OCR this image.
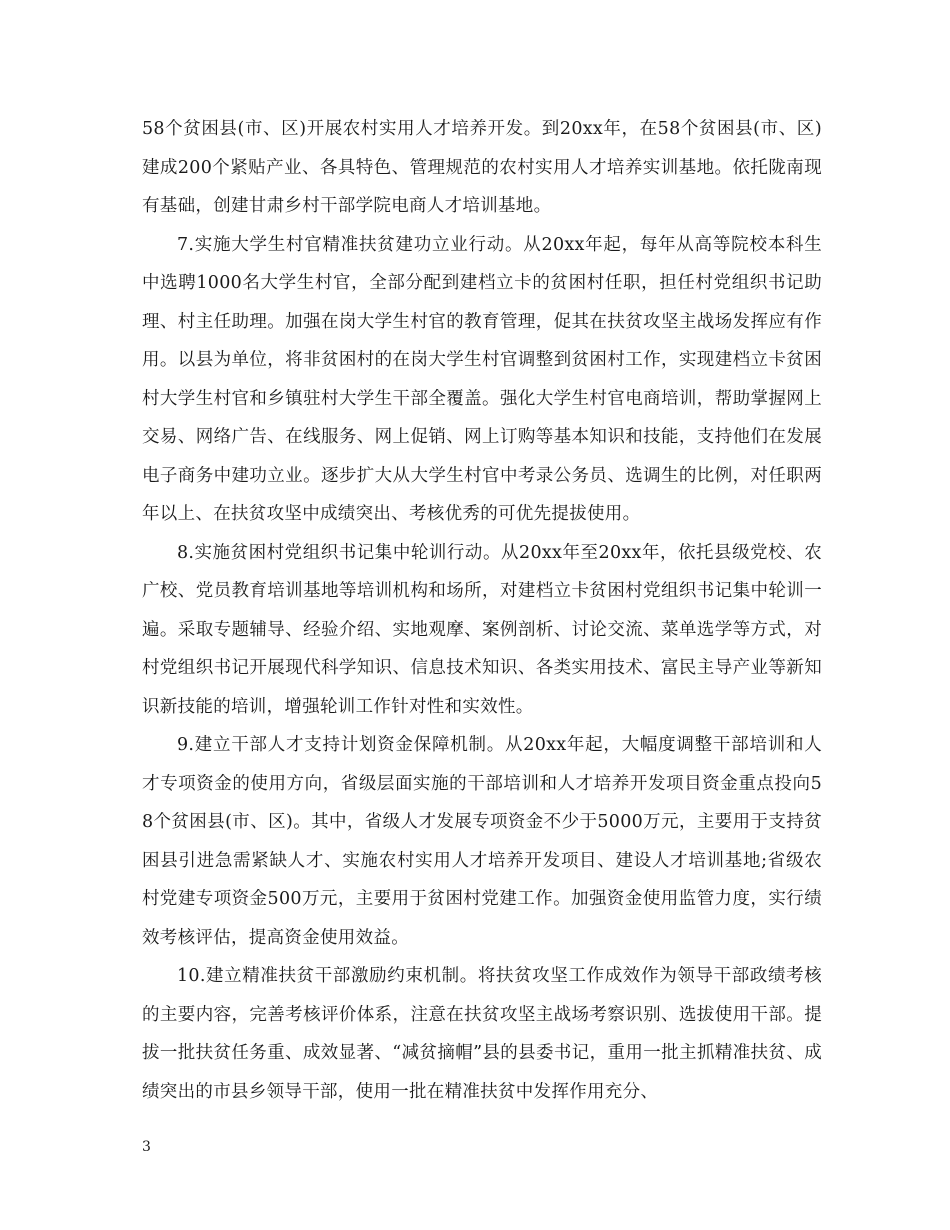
58个贫困县(市、区)开展农村实用人才培养开发。到20xx年，在58个贫困县(市、区)建成200个紧贴产业、各具特色、管理规范的农村实用人才培养实训基地。依托陇南现有基础，创建甘肃乡村干部学院电商人才培训基地。

7.实施大学生村官精准扶贫建功立业行动。从20xx年起，每年从高等院校本科生中选聘1000名大学生村官，全部分配到建档立卡的贫困村任职，担任村党组织书记助理、村主任助理。加强在岗大学生村官的教育管理，促其在扶贫攻坚主战场发挥应有作用。以县为单位，将非贫困村的在岗大学生村官调整到贫困村工作，实现建档立卡贫困村大学生村官和乡镇驻村大学生干部全覆盖。强化大学生村官电商培训，帮助掌握网上交易、网络广告、在线服务、网上促销、网上订购等基本知识和技能，支持他们在发展电子商务中建功立业。逐步扩大从大学生村官中考录公务员、选调生的比例，对任职两年以上、在扶贫攻坚中成绩突出、考核优秀的可优先提拔使用。

8.实施贫困村党组织书记集中轮训行动。从20xx年至20xx年，依托县级党校、农广校、党员教育培训基地等培训机构和场所，对建档立卡贫困村党组织书记集中轮训一遍。采取专题辅导、经验介绍、实地观摩、案例剖析、讨论交流、菜单选学等方式，对村党组织书记开展现代科学知识、信息技术知识、各类实用技术、富民主导产业等新知识新技能的培训，增强轮训工作针对性和实效性。

9.建立干部人才支持计划资金保障机制。从20xx年起，大幅度调整干部培训和人才专项资金的使用方向，省级层面实施的干部培训和人才培养开发项目资金重点投向58个贫困县(市、区)。其中，省级人才发展专项资金不少于5000万元，主要用于支持贫困县引进急需紧缺人才、实施农村实用人才培养开发项目、建设人才培训基地;省级农村党建专项资金500万元，主要用于贫困村党建工作。加强资金使用监管力度，实行绩效考核评估，提高资金使用效益。

10.建立精准扶贫干部激励约束机制。将扶贫攻坚工作成效作为领导干部政绩考核的主要内容，完善考核评价体系，注意在扶贫攻坚主战场考察识别、选拔使用干部。提拔一批扶贫任务重、成效显著、“减贫摘帽”县的县委书记，重用一批主抓精准扶贫、成绩突出的市县乡领导干部，使用一批在精准扶贫中发挥作用充分、

3
